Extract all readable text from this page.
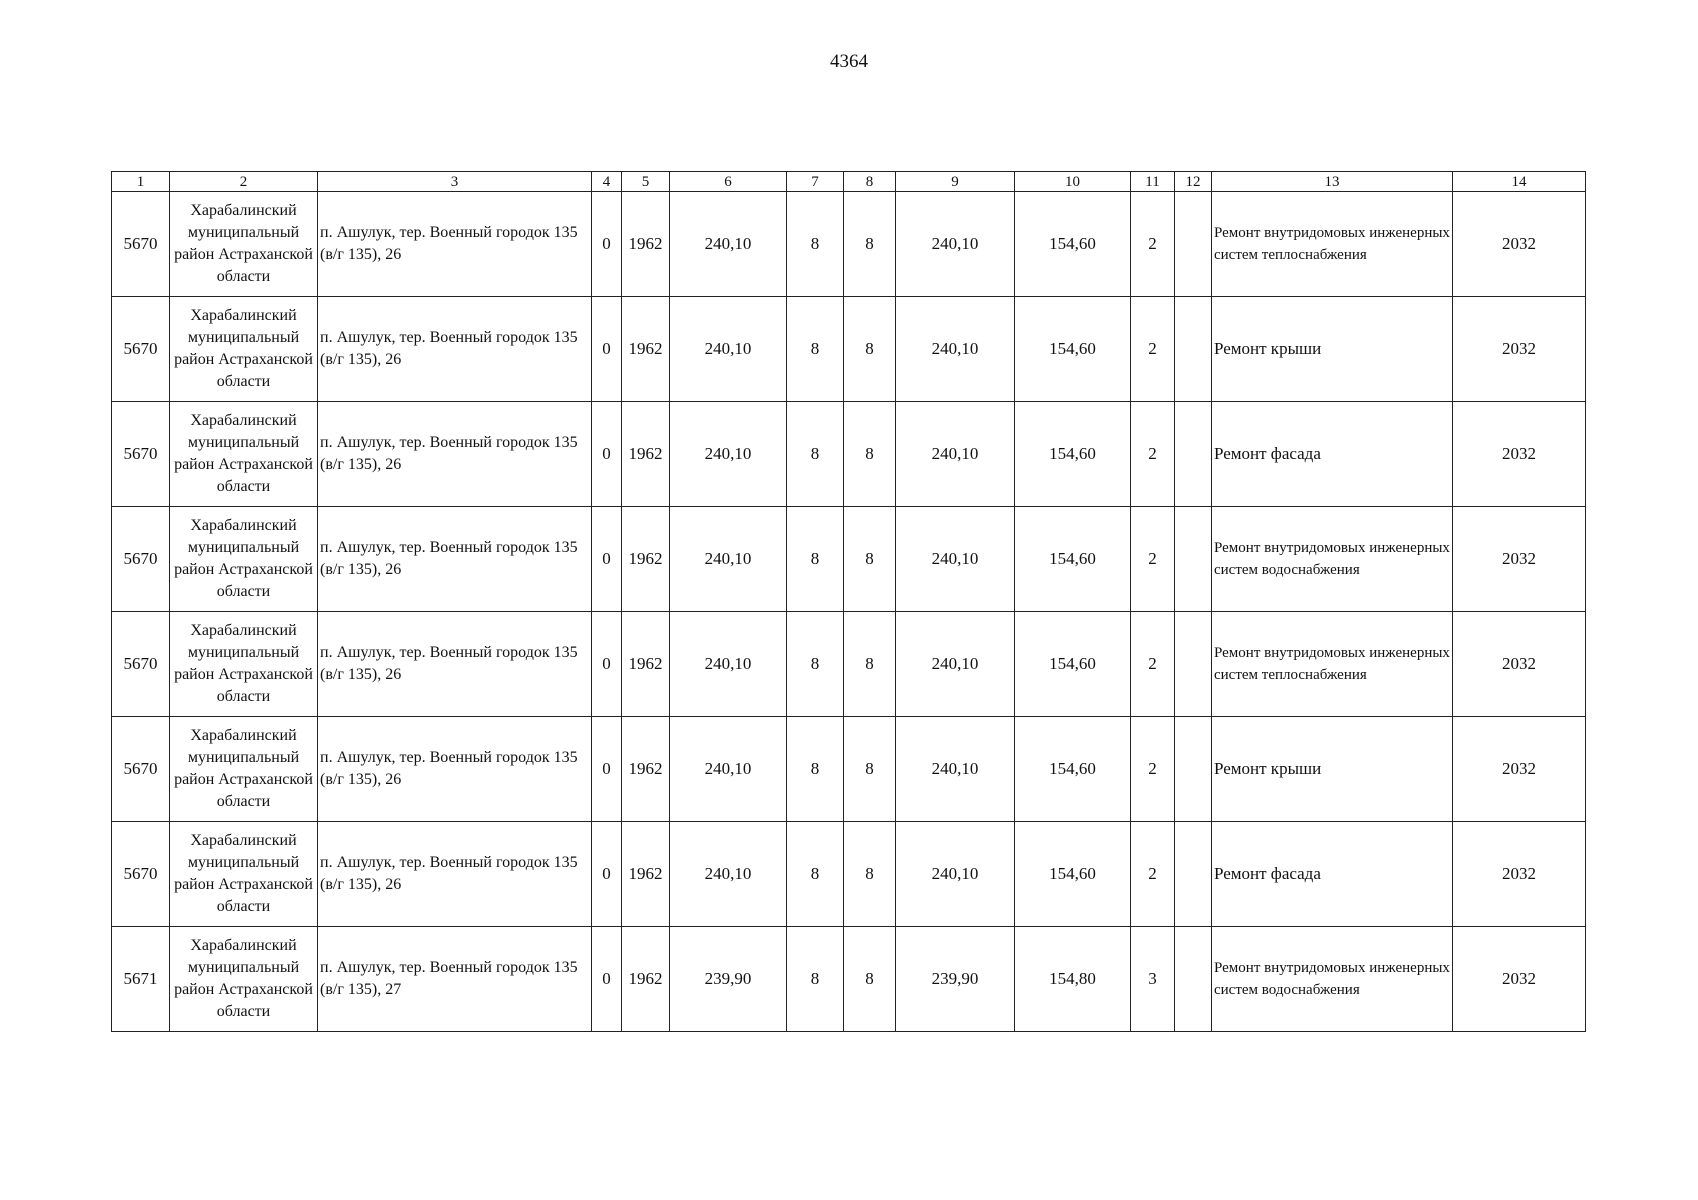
4364
1	2	3	4	5	6	7	8	9	10	11	12	13	14
5670	Харабалинский муниципальный район Астраханской области	п. Ашулук, тер. Военный городок 135 (в/г 135), 26	0	1962	240,10	8	8	240,10	154,60	2		Ремонт внутридомовых инженерных систем теплоснабжения	2032
5670	Харабалинский муниципальный район Астраханской области	п. Ашулук, тер. Военный городок 135 (в/г 135), 26	0	1962	240,10	8	8	240,10	154,60	2		Ремонт крыши	2032
5670	Харабалинский муниципальный район Астраханской области	п. Ашулук, тер. Военный городок 135 (в/г 135), 26	0	1962	240,10	8	8	240,10	154,60	2		Ремонт фасада	2032
5670	Харабалинский муниципальный район Астраханской области	п. Ашулук, тер. Военный городок 135 (в/г 135), 26	0	1962	240,10	8	8	240,10	154,60	2		Ремонт внутридомовых инженерных систем водоснабжения	2032
5670	Харабалинский муниципальный район Астраханской области	п. Ашулук, тер. Военный городок 135 (в/г 135), 26	0	1962	240,10	8	8	240,10	154,60	2		Ремонт внутридомовых инженерных систем теплоснабжения	2032
5670	Харабалинский муниципальный район Астраханской области	п. Ашулук, тер. Военный городок 135 (в/г 135), 26	0	1962	240,10	8	8	240,10	154,60	2		Ремонт крыши	2032
5670	Харабалинский муниципальный район Астраханской области	п. Ашулук, тер. Военный городок 135 (в/г 135), 26	0	1962	240,10	8	8	240,10	154,60	2		Ремонт фасада	2032
5671	Харабалинский муниципальный район Астраханской области	п. Ашулук, тер. Военный городок 135 (в/г 135), 27	0	1962	239,90	8	8	239,90	154,80	3		Ремонт внутридомовых инженерных систем водоснабжения	2032
